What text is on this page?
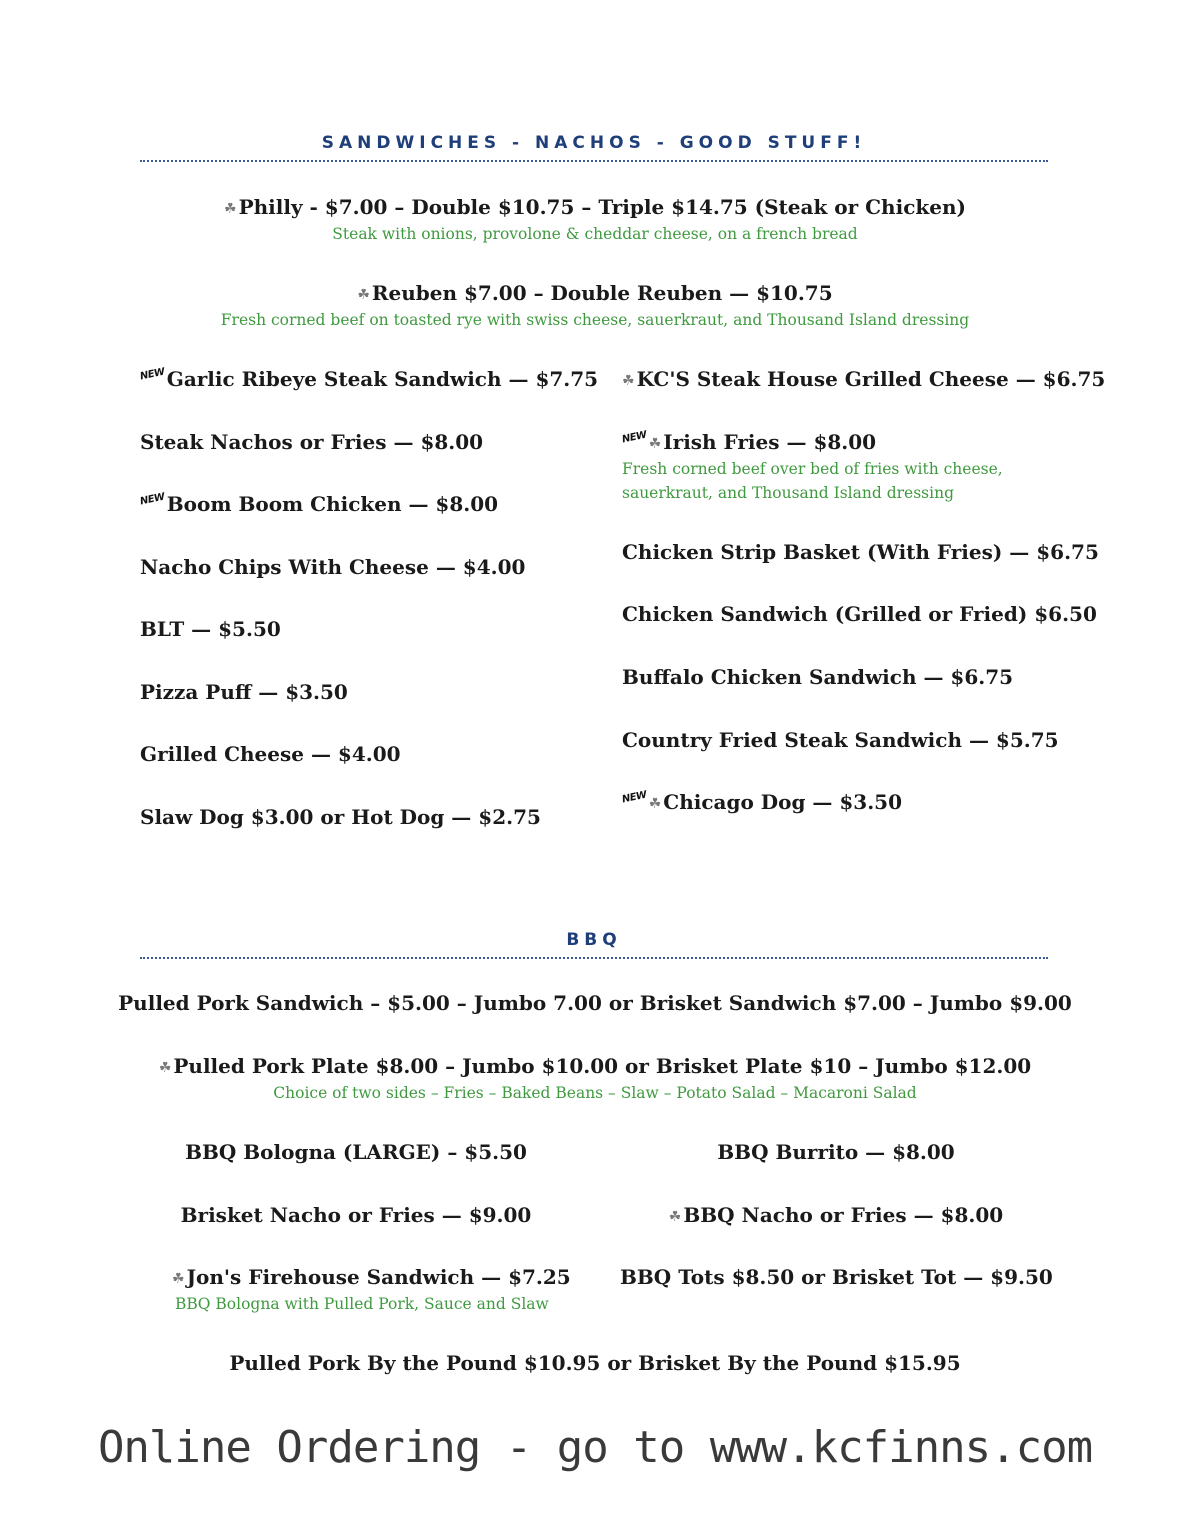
SANDWICHES - NACHOS - GOOD STUFF!
☘ Philly - $7.00 – Double $10.75 – Triple $14.75 (Steak or Chicken)
Steak with onions, provolone & cheddar cheese, on a french bread
☘ Reuben $7.00 – Double Reuben — $10.75
Fresh corned beef on toasted rye with swiss cheese, sauerkraut, and Thousand Island dressing
NEWGarlic Ribeye Steak Sandwich — $7.75
Steak Nachos or Fries — $8.00
NEWBoom Boom Chicken — $8.00
Nacho Chips With Cheese — $4.00
BLT — $5.50
Pizza Puff — $3.50
Grilled Cheese — $4.00
Slaw Dog $3.00 or Hot Dog — $2.75
☘ KC'S Steak House Grilled Cheese — $6.75
NEW☘ Irish Fries — $8.00
Fresh corned beef over bed of fries with cheese,
sauerkraut, and Thousand Island dressing
Chicken Strip Basket (With Fries) — $6.75
Chicken Sandwich (Grilled or Fried) $6.50
Buffalo Chicken Sandwich — $6.75
Country Fried Steak Sandwich — $5.75
NEW☘ Chicago Dog — $3.50
BBQ
Pulled Pork Sandwich – $5.00 – Jumbo 7.00 or Brisket Sandwich $7.00 – Jumbo $9.00
☘ Pulled Pork Plate $8.00 – Jumbo $10.00 or Brisket Plate $10 – Jumbo $12.00
Choice of two sides – Fries – Baked Beans – Slaw – Potato Salad – Macaroni Salad
BBQ Bologna (LARGE) – $5.50	BBQ Burrito — $8.00
Brisket Nacho or Fries — $9.00	☘ BBQ Nacho or Fries — $8.00
☘ Jon's Firehouse Sandwich — $7.25
BBQ Bologna with Pulled Pork, Sauce and Slaw
BBQ Tots $8.50 or Brisket Tot — $9.50
Pulled Pork By the Pound $10.95 or Brisket By the Pound $15.95
Online Ordering - go to www.kcfinns.com
